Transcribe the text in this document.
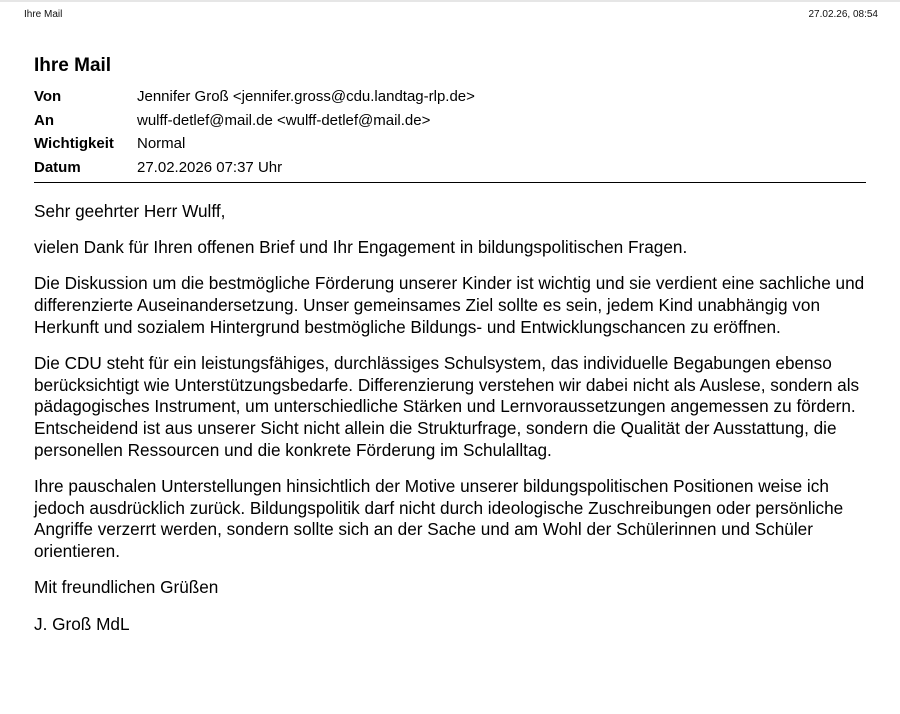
Ihre Mail	27.02.26, 08:54
Ihre Mail
Von	Jennifer Groß <jennifer.gross@cdu.landtag-rlp.de>
An	wulff-detlef@mail.de <wulff-detlef@mail.de>
Wichtigkeit	Normal
Datum	27.02.2026 07:37 Uhr

Sehr geehrter Herr Wulff,

vielen Dank für Ihren offenen Brief und Ihr Engagement in bildungspolitischen Fragen.

Die Diskussion um die bestmögliche Förderung unserer Kinder ist wichtig und sie verdient eine sachliche und differenzierte Auseinandersetzung. Unser gemeinsames Ziel sollte es sein, jedem Kind unabhängig von Herkunft und sozialem Hintergrund bestmögliche Bildungs- und Entwicklungschancen zu eröffnen.

Die CDU steht für ein leistungsfähiges, durchlässiges Schulsystem, das individuelle Begabungen ebenso berücksichtigt wie Unterstützungsbedarfe. Differenzierung verstehen wir dabei nicht als Auslese, sondern als pädagogisches Instrument, um unterschiedliche Stärken und Lernvoraussetzungen angemessen zu fördern. Entscheidend ist aus unserer Sicht nicht allein die Strukturfrage, sondern die Qualität der Ausstattung, die personellen Ressourcen und die konkrete Förderung im Schulalltag.

Ihre pauschalen Unterstellungen hinsichtlich der Motive unserer bildungspolitischen Positionen weise ich jedoch ausdrücklich zurück. Bildungspolitik darf nicht durch ideologische Zuschreibungen oder persönliche Angriffe verzerrt werden, sondern sollte sich an der Sache und am Wohl der Schülerinnen und Schüler orientieren.

Mit freundlichen Grüßen

J. Groß MdL
